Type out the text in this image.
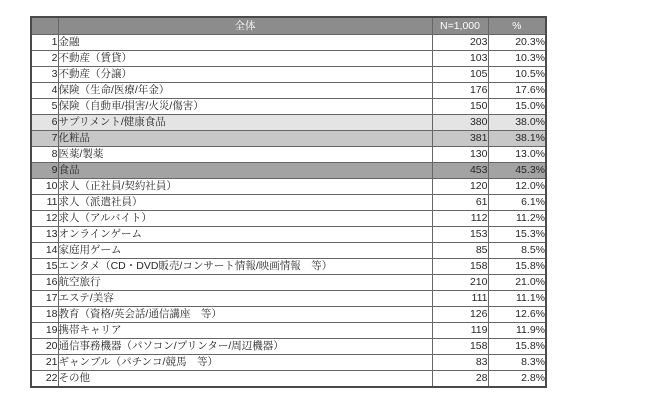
	全体	N=1,000	%
1	金融	203	20.3%
2	不動産（賃貸）	103	10.3%
3	不動産（分譲）	105	10.5%
4	保険（生命/医療/年金）	176	17.6%
5	保険（自動車/損害/火災/傷害）	150	15.0%
6	サプリメント/健康食品	380	38.0%
7	化粧品	381	38.1%
8	医薬/製薬	130	13.0%
9	食品	453	45.3%
10	求人（正社員/契約社員）	120	12.0%
11	求人（派遣社員）	61	6.1%
12	求人（アルバイト）	112	11.2%
13	オンラインゲーム	153	15.3%
14	家庭用ゲーム	85	8.5%
15	エンタメ（CD・DVD販売/コンサート情報/映画情報　等）	158	15.8%
16	航空旅行	210	21.0%
17	エステ/美容	111	11.1%
18	教育（資格/英会話/通信講座　等）	126	12.6%
19	携帯キャリア	119	11.9%
20	通信事務機器（パソコン/プリンター/周辺機器）	158	15.8%
21	ギャンブル（パチンコ/競馬　等）	83	8.3%
22	その他	28	2.8%
